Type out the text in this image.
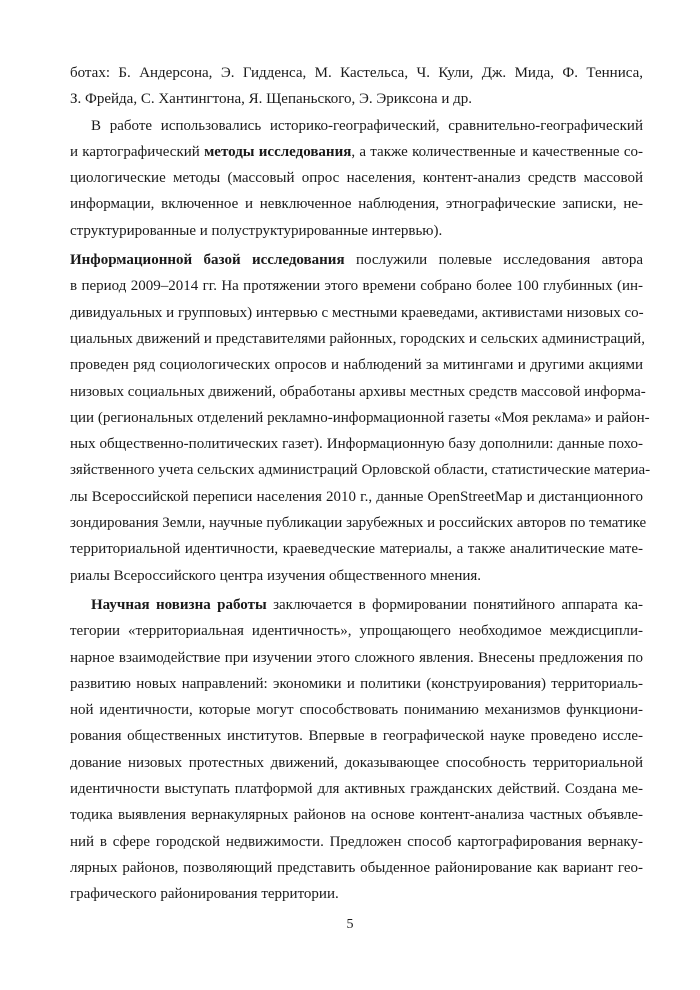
ботах: Б. Андерсона, Э. Гидденса, М. Кастельса, Ч. Кули, Дж. Мида, Ф. Тенниса,
З. Фрейда, С. Хантингтона, Я. Щепаньского, Э. Эриксона и др.
В работе использовались историко-географический, сравнительно-географический
и картографический методы исследования, а также количественные и качественные со-
циологические методы (массовый опрос населения, контент-анализ средств массовой
информации, включенное и невключенное наблюдения, этнографические записки, не-
структурированные и полуструктурированные интервью).
Информационной базой исследования послужили полевые исследования автора
в период 2009–2014 гг. На протяжении этого времени собрано более 100 глубинных (ин-
дивидуальных и групповых) интервью с местными краеведами, активистами низовых со-
циальных движений и представителями районных, городских и сельских администраций,
проведен ряд социологических опросов и наблюдений за митингами и другими акциями
низовых социальных движений, обработаны архивы местных средств массовой информа-
ции (региональных отделений рекламно-информационной газеты «Моя реклама» и район-
ных общественно-политических газет). Информационную базу дополнили: данные похо-
зяйственного учета сельских администраций Орловской области, статистические материа-
лы Всероссийской переписи населения 2010 г., данные OpenStreetMap и дистанционного
зондирования Земли, научные публикации зарубежных и российских авторов по тематике
территориальной идентичности, краеведческие материалы, а также аналитические мате-
риалы Всероссийского центра изучения общественного мнения.
Научная новизна работы заключается в формировании понятийного аппарата ка-
тегории «территориальная идентичность», упрощающего необходимое междисципли-
нарное взаимодействие при изучении этого сложного явления. Внесены предложения по
развитию новых направлений: экономики и политики (конструирования) территориаль-
ной идентичности, которые могут способствовать пониманию механизмов функциони-
рования общественных институтов. Впервые в географической науке проведено иссле-
дование низовых протестных движений, доказывающее способность территориальной
идентичности выступать платформой для активных гражданских действий. Создана ме-
тодика выявления вернакулярных районов на основе контент-анализа частных объявле-
ний в сфере городской недвижимости. Предложен способ картографирования вернаку-
лярных районов, позволяющий представить обыденное районирование как вариант гео-
графического районирования территории.
5
